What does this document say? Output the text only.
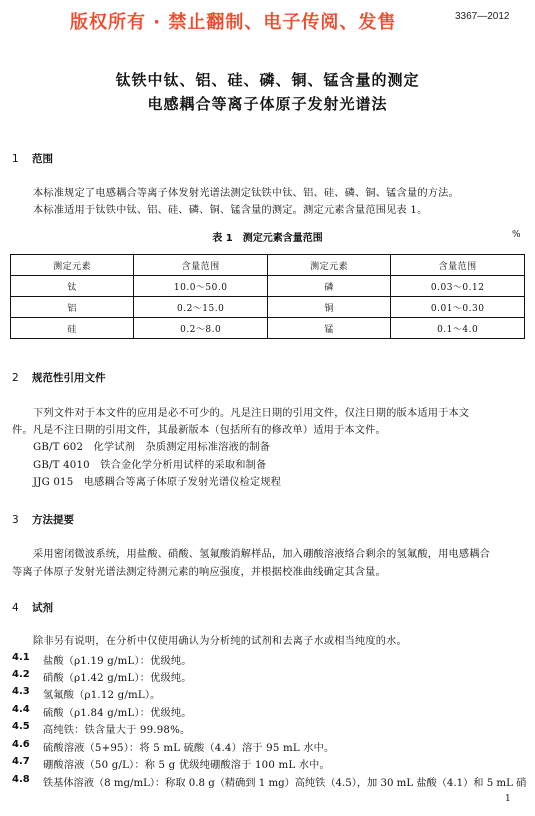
版权所有 · 禁止翻制、电子传阅、发售	3367—2012
钛铁中钛、铝、硅、磷、铜、锰含量的测定
电感耦合等离子体原子发射光谱法
1 范围
本标准规定了电感耦合等离子体发射光谱法测定钛铁中钛、铝、硅、磷、铜、锰含量的方法。
本标准适用于钛铁中钛、铝、硅、磷、铜、锰含量的测定。测定元素含量范围见表 1。
表 1　测定元素含量范围	%
测定元素	含量范围	测定元素	含量范围
钛	10.0～50.0	磷	0.03～0.12
铝	0.2～15.0	铜	0.01～0.30
硅	0.2～8.0	锰	0.1～4.0
2 规范性引用文件
下列文件对于本文件的应用是必不可少的。凡是注日期的引用文件，仅注日期的版本适用于本文
件。凡是不注日期的引用文件，其最新版本（包括所有的修改单）适用于本文件。
GB/T 602　化学试剂　杂质测定用标准溶液的制备
GB/T 4010　铁合金化学分析用试样的采取和制备
JJG 015　电感耦合等离子体原子发射光谱仪检定规程
3 方法提要
采用密闭微波系统，用盐酸、硝酸、氢氟酸消解样品，加入硼酸溶液络合剩余的氢氟酸，用电感耦合
等离子体原子发射光谱法测定待测元素的响应强度，并根据校准曲线确定其含量。
4 试剂
除非另有说明，在分析中仅使用确认为分析纯的试剂和去离子水或相当纯度的水。
4.1 盐酸（ρ1.19 g/mL）：优级纯。
4.2 硝酸（ρ1.42 g/mL）：优级纯。
4.3 氢氟酸（ρ1.12 g/mL）。
4.4 硫酸（ρ1.84 g/mL）：优级纯。
4.5 高纯铁：铁含量大于 99.98%。
4.6 硫酸溶液（5+95）：将 5 mL 硫酸（4.4）溶于 95 mL 水中。
4.7 硼酸溶液（50 g/L）：称 5 g 优级纯硼酸溶于 100 mL 水中。
4.8 铁基体溶液（8 mg/mL）：称取 0.8 g（精确到 1 mg）高纯铁（4.5），加 30 mL 盐酸（4.1）和 5 mL 硝
1
